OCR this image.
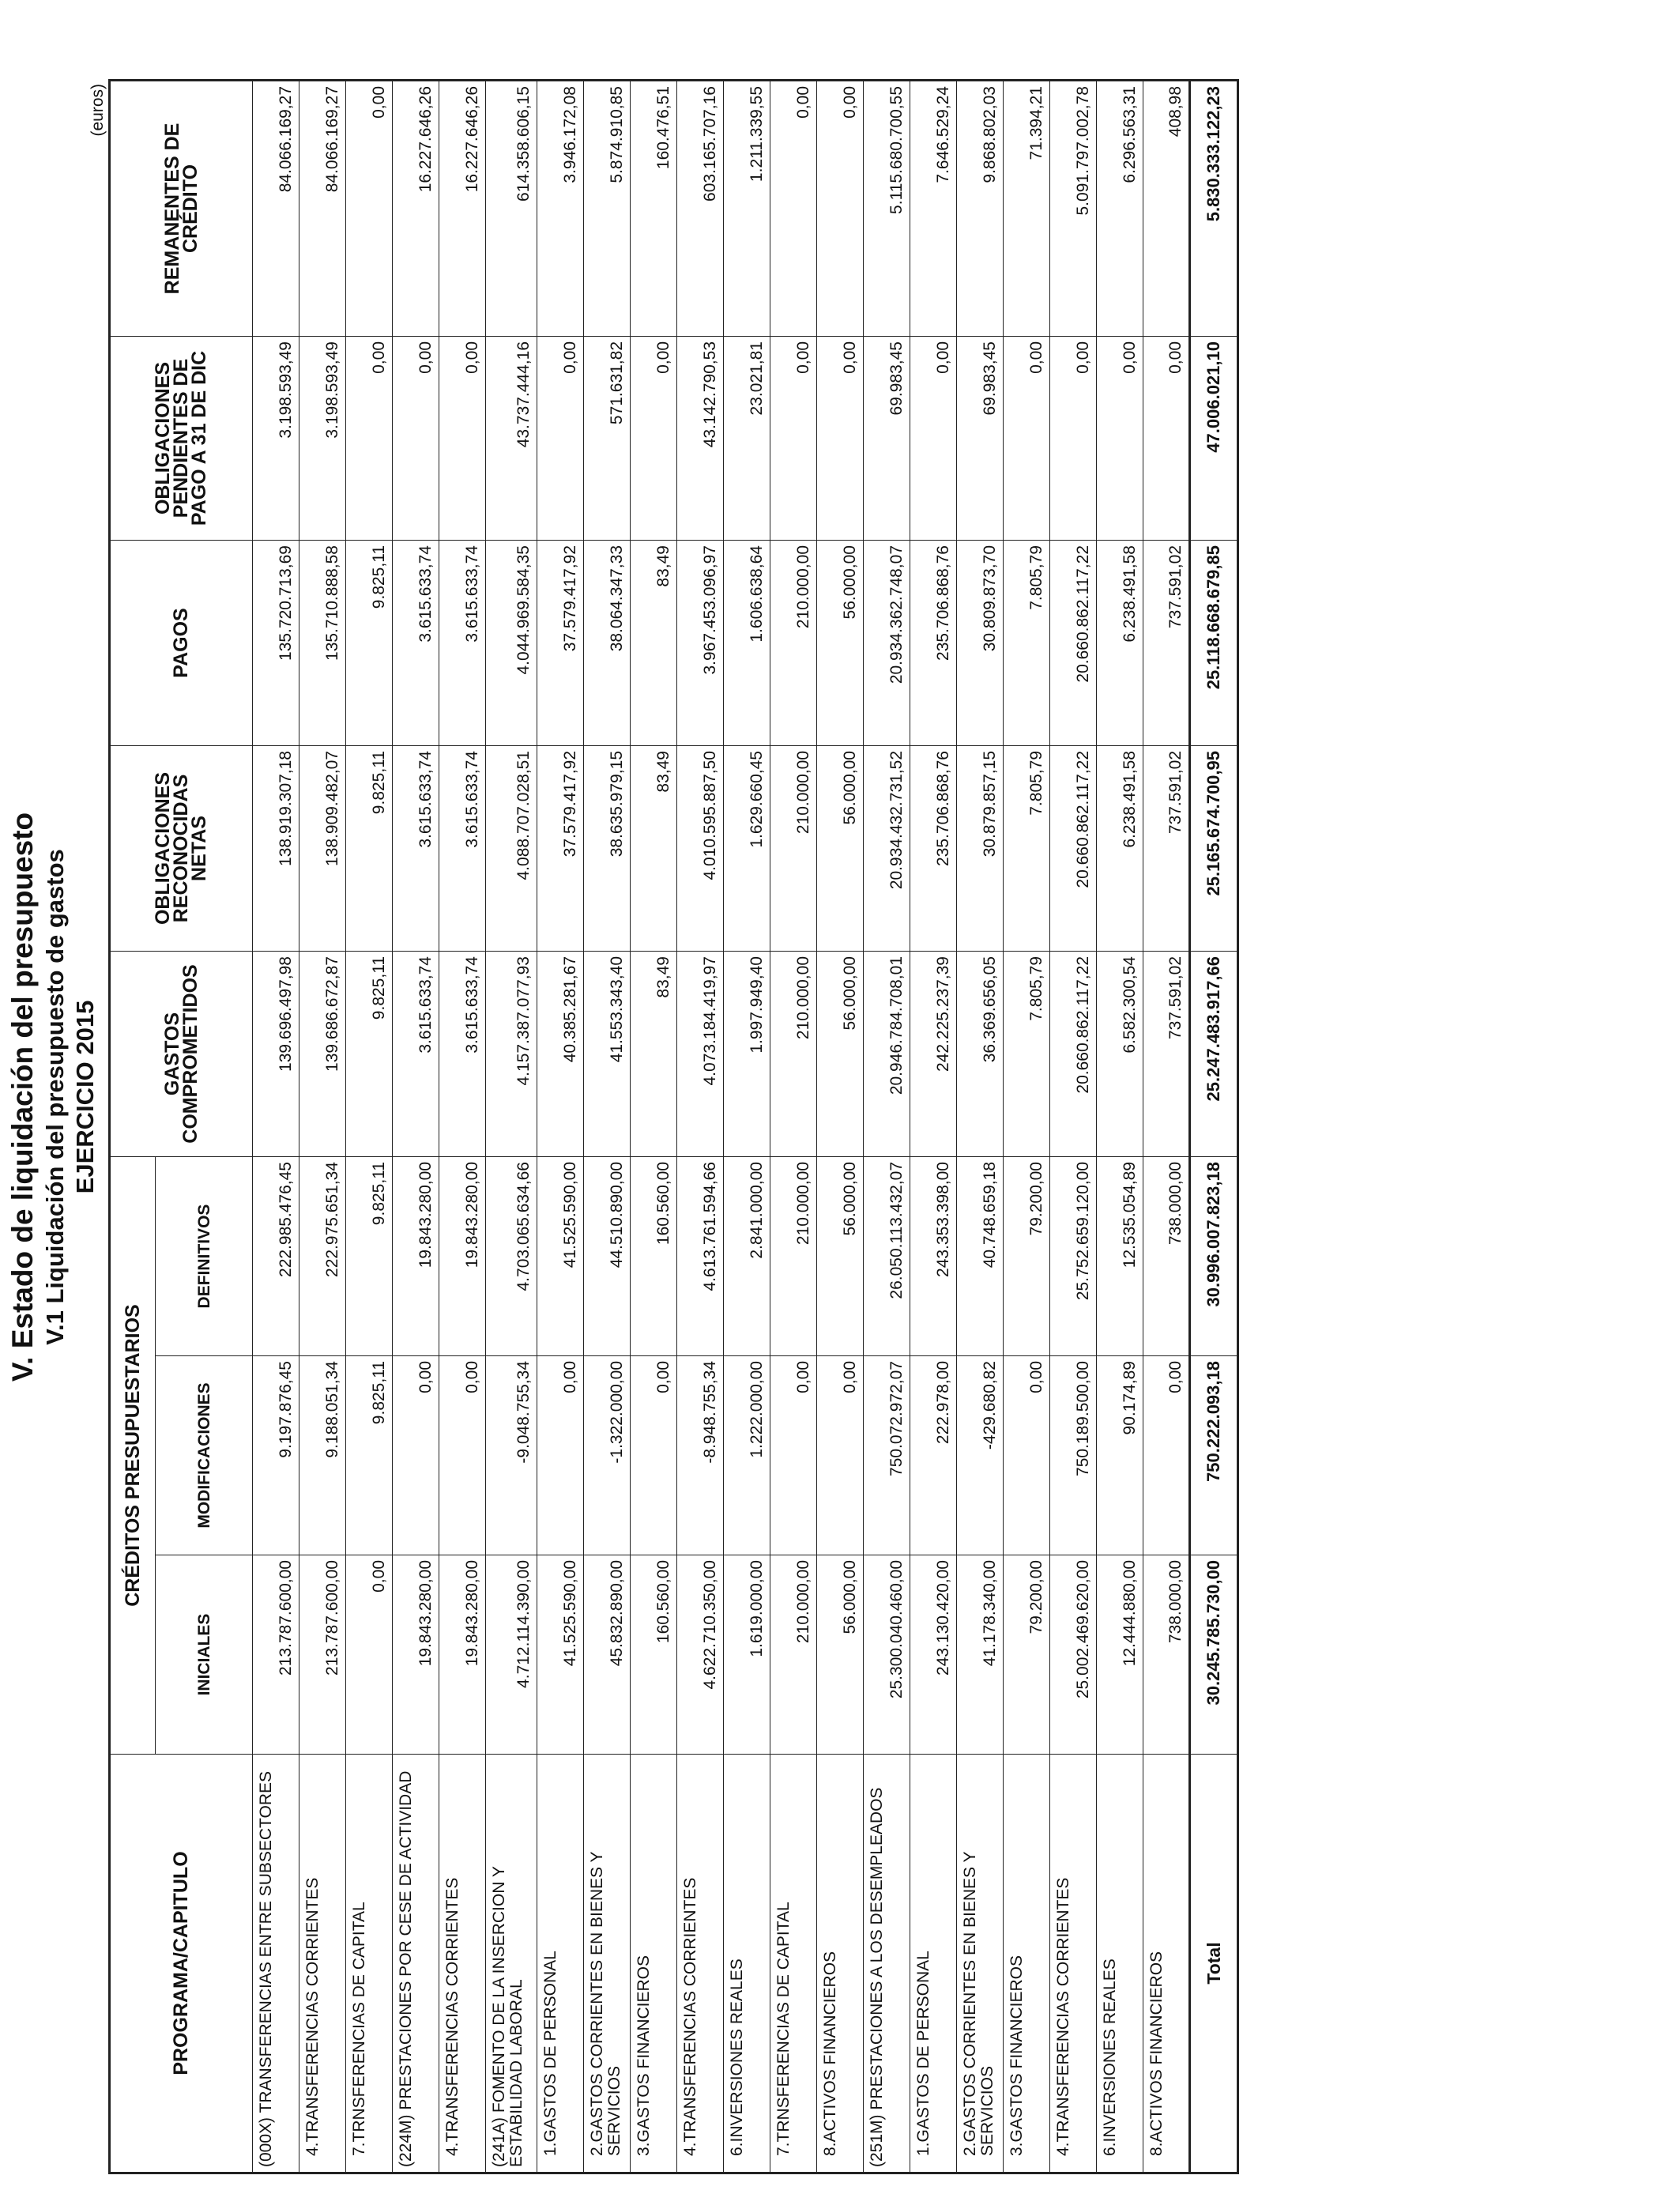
V. Estado de liquidación del presupuesto V.1 Liquidación del presupuesto de gastos EJERCICIO 2015
(euros)
PROGRAMA/CAPITULO	CRÉDITOS PRESUPUESTARIOS			GASTOS COMPROMETIDOS	OBLIGACIONES RECONOCIDAS NETAS	PAGOS	OBLIGACIONES PENDIENTES DE PAGO A 31 DE DIC	REMANENTES DE CRÉDITO
	INICIALES	MODIFICACIONES	DEFINITIVOS					
(000X) TRANSFERENCIAS ENTRE SUBSECTORES	213.787.600,00	9.197.876,45	222.985.476,45	139.696.497,98	138.919.307,18	135.720.713,69	3.198.593,49	84.066.169,27
4.TRANSFERENCIAS CORRIENTES	213.787.600,00	9.188.051,34	222.975.651,34	139.686.672,87	138.909.482,07	135.710.888,58	3.198.593,49	84.066.169,27
7.TRNSFERENCIAS DE CAPITAL	0,00	9.825,11	9.825,11	9.825,11	9.825,11	9.825,11	0,00	0,00
(224M) PRESTACIONES POR CESE DE ACTIVIDAD	19.843.280,00	0,00	19.843.280,00	3.615.633,74	3.615.633,74	3.615.633,74	0,00	16.227.646,26
4.TRANSFERENCIAS CORRIENTES	19.843.280,00	0,00	19.843.280,00	3.615.633,74	3.615.633,74	3.615.633,74	0,00	16.227.646,26
(241A) FOMENTO DE LA INSERCION Y ESTABILIDAD LABORAL	4.712.114.390,00	-9.048.755,34	4.703.065.634,66	4.157.387.077,93	4.088.707.028,51	4.044.969.584,35	43.737.444,16	614.358.606,15
1.GASTOS DE PERSONAL	41.525.590,00	0,00	41.525.590,00	40.385.281,67	37.579.417,92	37.579.417,92	0,00	3.946.172,08
2.GASTOS CORRIENTES EN BIENES Y SERVICIOS	45.832.890,00	-1.322.000,00	44.510.890,00	41.553.343,40	38.635.979,15	38.064.347,33	571.631,82	5.874.910,85
3.GASTOS FINANCIEROS	160.560,00	0,00	160.560,00	83,49	83,49	83,49	0,00	160.476,51
4.TRANSFERENCIAS CORRIENTES	4.622.710.350,00	-8.948.755,34	4.613.761.594,66	4.073.184.419,97	4.010.595.887,50	3.967.453.096,97	43.142.790,53	603.165.707,16
6.INVERSIONES REALES	1.619.000,00	1.222.000,00	2.841.000,00	1.997.949,40	1.629.660,45	1.606.638,64	23.021,81	1.211.339,55
7.TRNSFERENCIAS DE CAPITAL	210.000,00	0,00	210.000,00	210.000,00	210.000,00	210.000,00	0,00	0,00
8.ACTIVOS FINANCIEROS	56.000,00	0,00	56.000,00	56.000,00	56.000,00	56.000,00	0,00	0,00
(251M) PRESTACIONES A LOS DESEMPLEADOS	25.300.040.460,00	750.072.972,07	26.050.113.432,07	20.946.784.708,01	20.934.432.731,52	20.934.362.748,07	69.983,45	5.115.680.700,55
1.GASTOS DE PERSONAL	243.130.420,00	222.978,00	243.353.398,00	242.225.237,39	235.706.868,76	235.706.868,76	0,00	7.646.529,24
2.GASTOS CORRIENTES EN BIENES Y SERVICIOS	41.178.340,00	-429.680,82	40.748.659,18	36.369.656,05	30.879.857,15	30.809.873,70	69.983,45	9.868.802,03
3.GASTOS FINANCIEROS	79.200,00	0,00	79.200,00	7.805,79	7.805,79	7.805,79	0,00	71.394,21
4.TRANSFERENCIAS CORRIENTES	25.002.469.620,00	750.189.500,00	25.752.659.120,00	20.660.862.117,22	20.660.862.117,22	20.660.862.117,22	0,00	5.091.797.002,78
6.INVERSIONES REALES	12.444.880,00	90.174,89	12.535.054,89	6.582.300,54	6.238.491,58	6.238.491,58	0,00	6.296.563,31
8.ACTIVOS FINANCIEROS	738.000,00	0,00	738.000,00	737.591,02	737.591,02	737.591,02	0,00	408,98
Total	30.245.785.730,00	750.222.093,18	30.996.007.823,18	25.247.483.917,66	25.165.674.700,95	25.118.668.679,85	47.006.021,10	5.830.333.122,23
